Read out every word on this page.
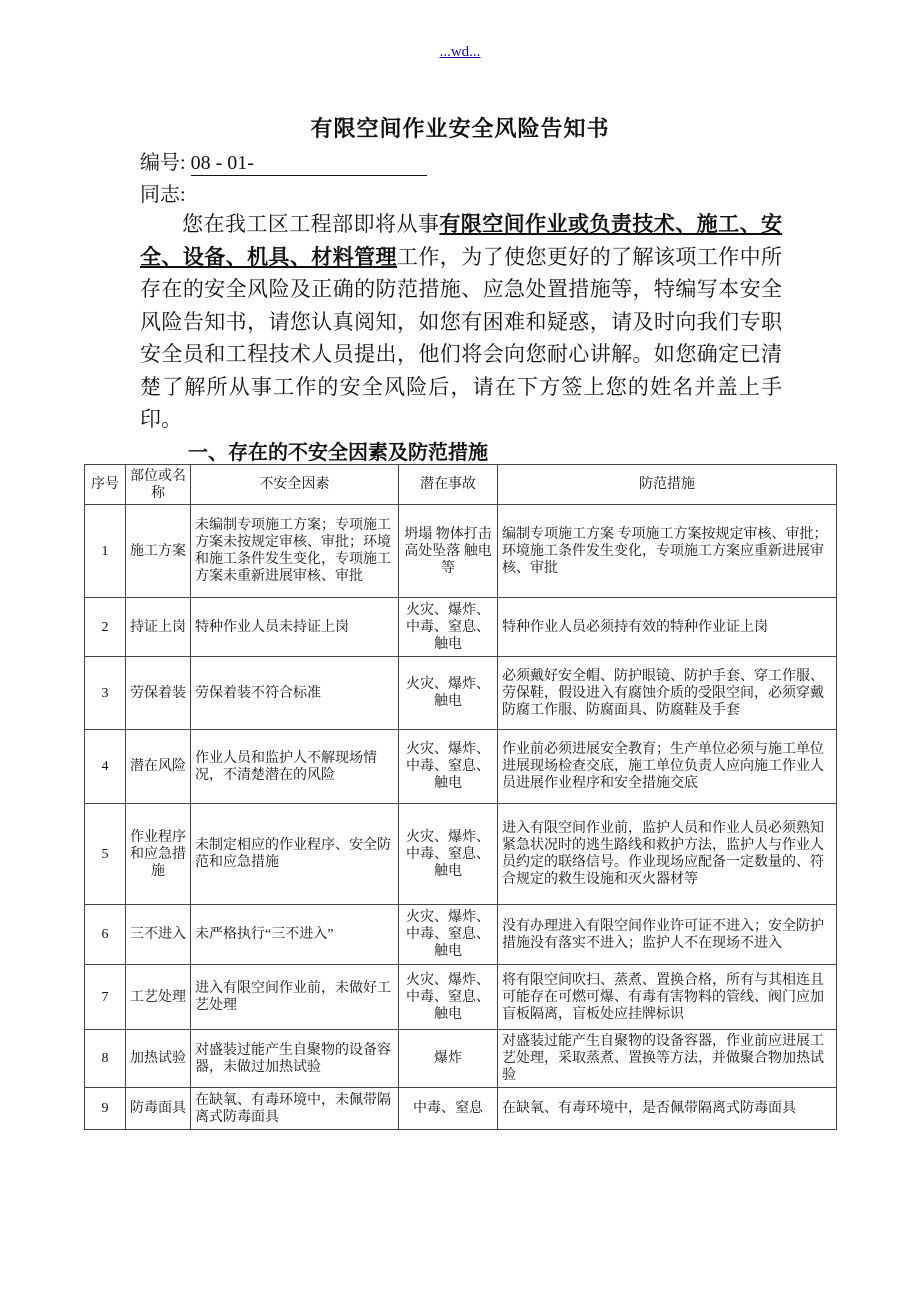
...wd...
有限空间作业安全风险告知书
编号: 08 - 01-
同志:
您在我工区工程部即将从事有限空间作业或负责技术、施工、安全、设备、机具、材料管理工作，为了使您更好的了解该项工作中所存在的安全风险及正确的防范措施、应急处置措施等，特编写本安全风险告知书，请您认真阅知，如您有困难和疑惑，请及时向我们专职安全员和工程技术人员提出，他们将会向您耐心讲解。如您确定已清楚了解所从事工作的安全风险后，请在下方签上您的姓名并盖上手印。
一、存在的不安全因素及防范措施
序号	部位或名称	不安全因素	潜在事故	防范措施
1	施工方案	未编制专项施工方案；专项施工方案未按规定审核、审批；环境和施工条件发生变化，专项施工方案未重新进展审核、审批	坍塌 物体打击 高处坠落 触电等	编制专项施工方案 专项施工方案按规定审核、审批；环境施工条件发生变化，专项施工方案应重新进展审核、审批
2	持证上岗	特种作业人员未持证上岗	火灾、爆炸、中毒、窒息、触电	特种作业人员必须持有效的特种作业证上岗
3	劳保着装	劳保着装不符合标准	火灾、爆炸、触电	必须戴好安全帽、防护眼镜、防护手套、穿工作服、劳保鞋，假设进入有腐蚀介质的受限空间，必须穿戴防腐工作服、防腐面具、防腐鞋及手套
4	潜在风险	作业人员和监护人不解现场情况，不清楚潜在的风险	火灾、爆炸、中毒、窒息、触电	作业前必须进展安全教育；生产单位必须与施工单位进展现场检查交底，施工单位负责人应向施工作业人员进展作业程序和安全措施交底
5	作业程序和应急措施	未制定相应的作业程序、安全防范和应急措施	火灾、爆炸、中毒、窒息、触电	进入有限空间作业前，监护人员和作业人员必须熟知紧急状况时的逃生路线和救护方法，监护人与作业人员约定的联络信号。作业现场应配备一定数量的、符合规定的救生设施和灭火器材等
6	三不进入	未严格执行“三不进入”	火灾、爆炸、中毒、窒息、触电	没有办理进入有限空间作业许可证不进入；安全防护措施没有落实不进入；监护人不在现场不进入
7	工艺处理	进入有限空间作业前，未做好工艺处理	火灾、爆炸、中毒、窒息、触电	将有限空间吹扫、蒸煮、置换合格，所有与其相连且可能存在可燃可爆、有毒有害物料的管线、阀门应加盲板隔离，盲板处应挂牌标识
8	加热试验	对盛装过能产生自聚物的设备容器，未做过加热试验	爆炸	对盛装过能产生自聚物的设备容器，作业前应进展工艺处理，采取蒸煮、置换等方法，并做聚合物加热试验
9	防毒面具	在缺氧、有毒环境中，未佩带隔离式防毒面具	中毒、窒息	在缺氧、有毒环境中，是否佩带隔离式防毒面具
